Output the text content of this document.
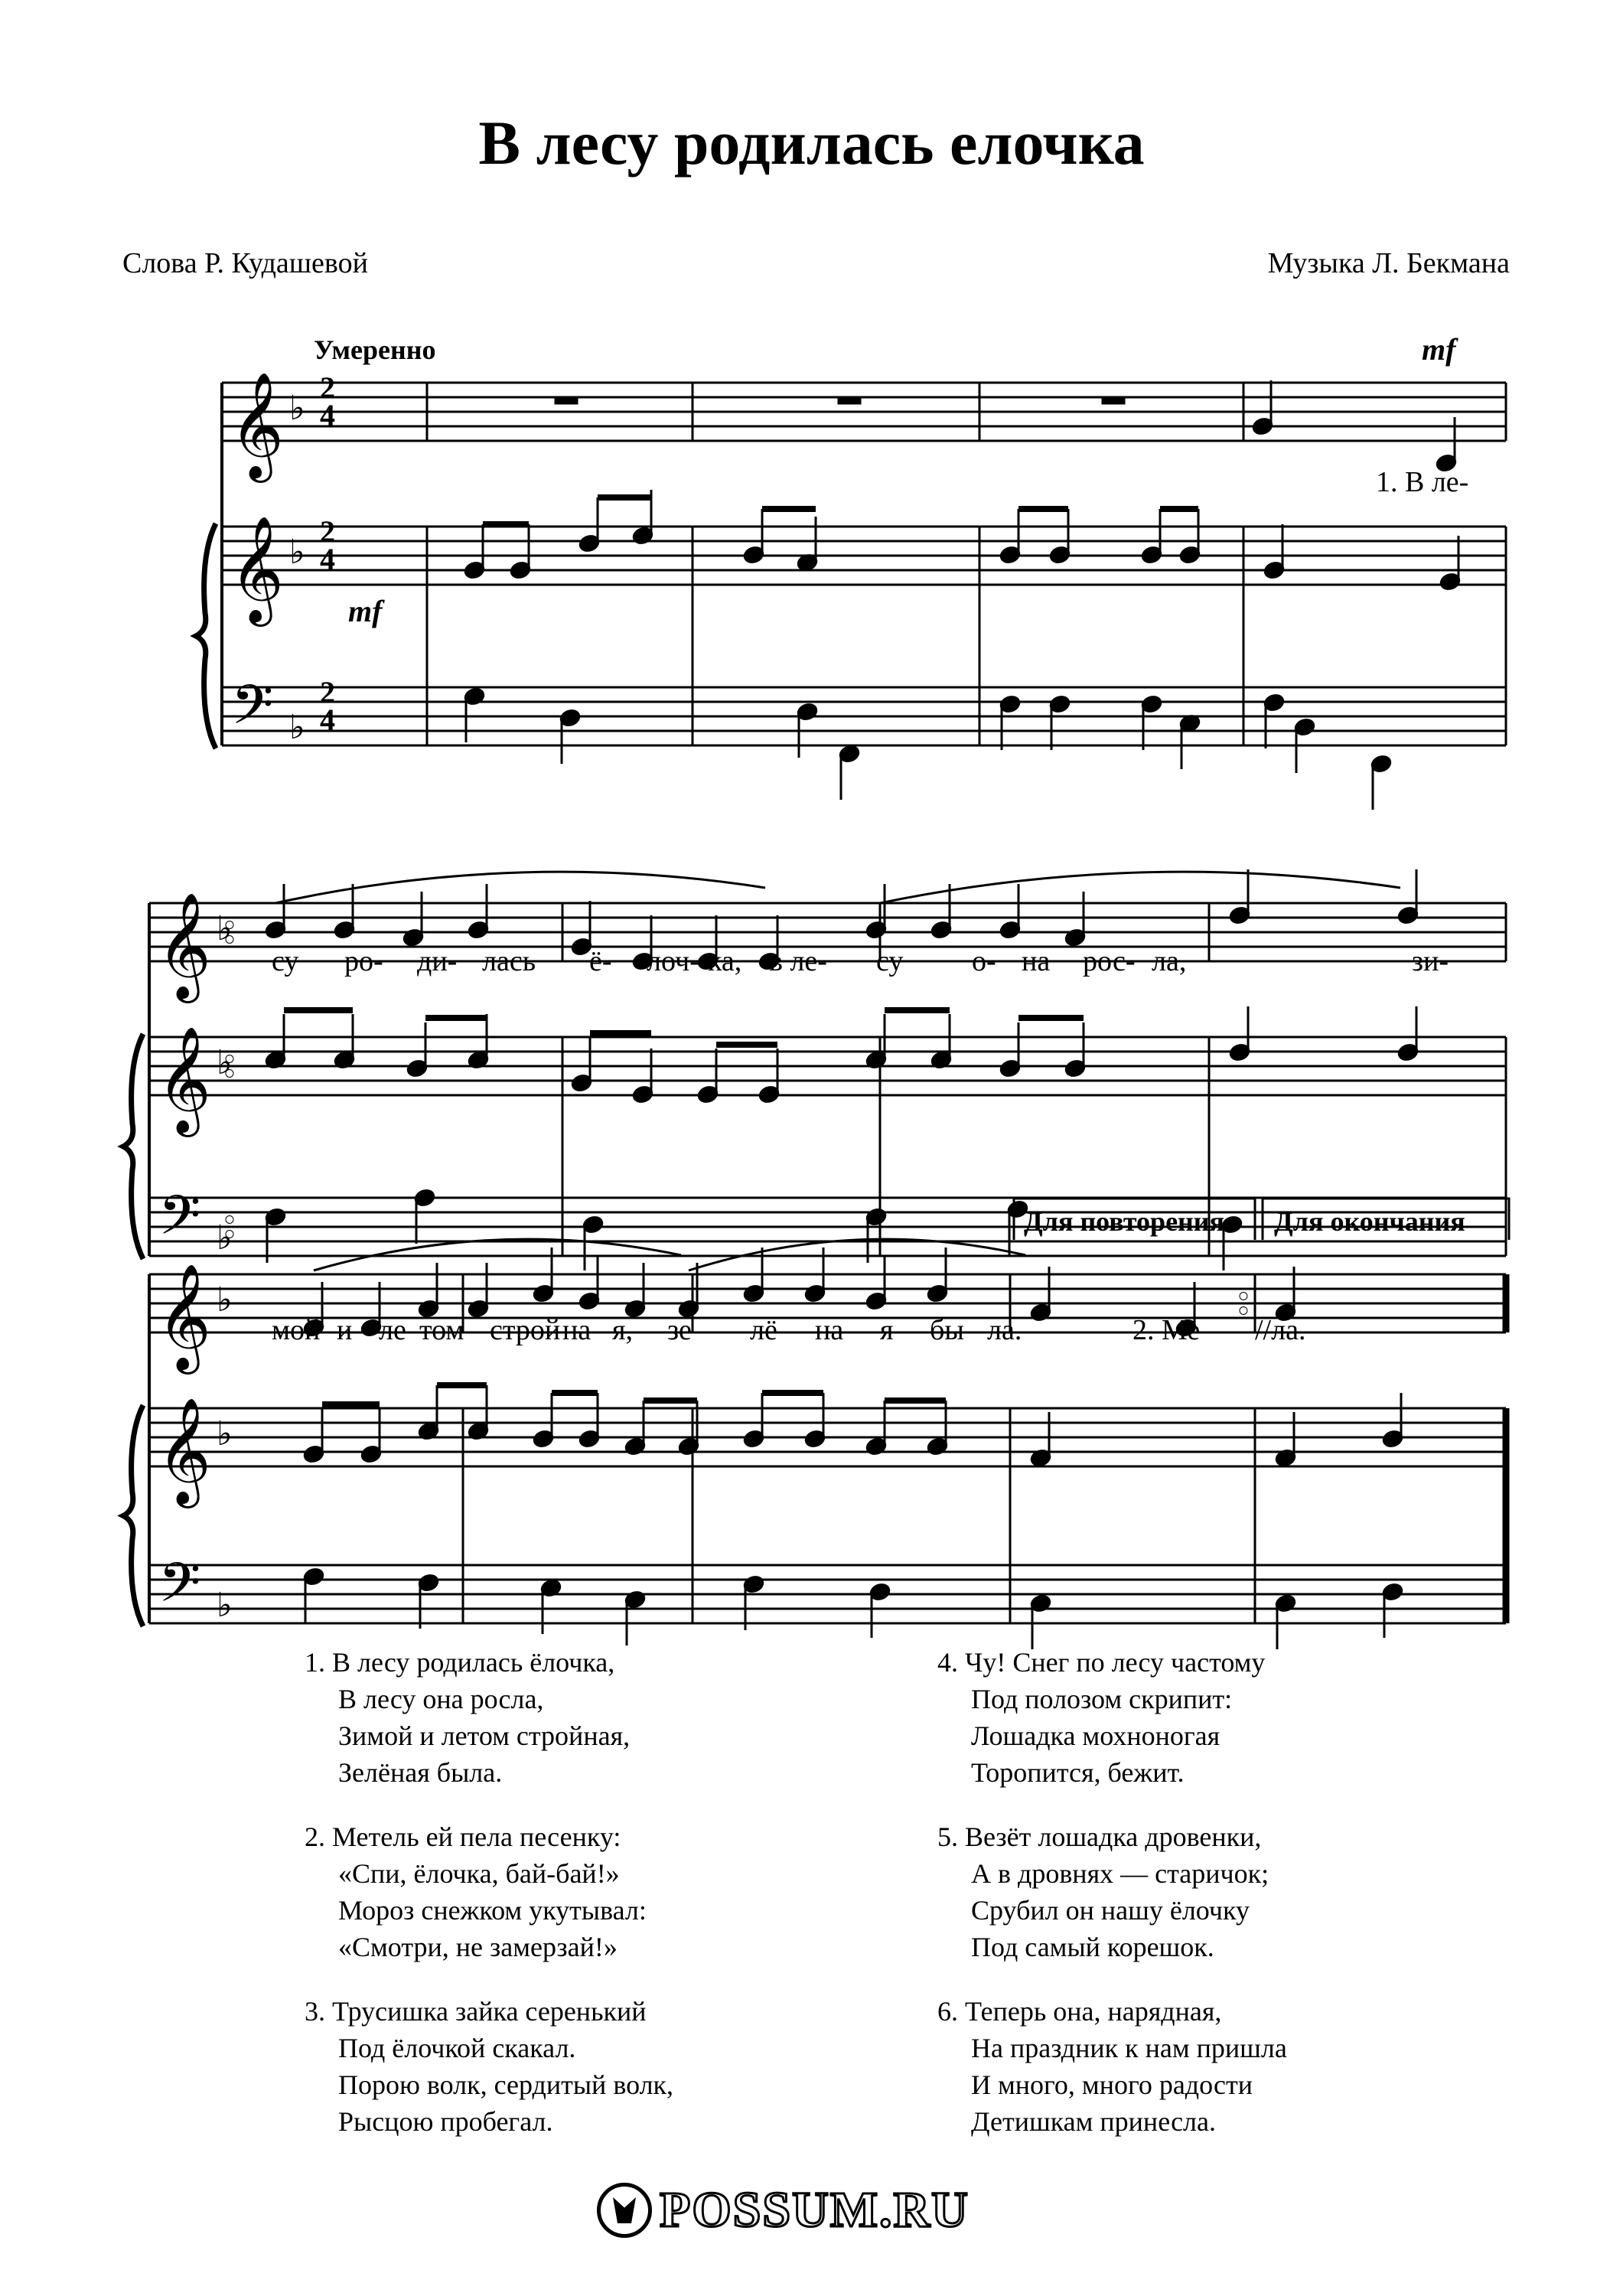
В лесу родилась елочка
Слова Р. Кудашевой	Музыка Л. Бекмана
Умеренно
𝄞 ♭
𝄞 ♭
𝄢 ♭
𝄞 ♭
𝄞 ♭
𝄢 ♭
𝄞 ♭
𝄞 ♭
𝄢 ♭
mf
mf
2
4
2
4
2
4
1. В ле-
су ро- ди- лась ё- лоч- ка, в ле- су о- на рос- ла,	зи-
Для повторения Для окончания
мой и ле- том строй-
на- я, зе- лё- на- я бы- ла.	2. Ме- //ла.
1. В лесу родилась ёлочка,
В лесу она росла,
Зимой и летом стройная,
Зелёная была.
2. Метель ей пела песенку:
«Спи, ёлочка, бай-бай!»
Мороз снежком укутывал:
«Смотри, не замерзай!»
3. Трусишка зайка серенький
Под ёлочкой скакал.
Порою волк, сердитый волк,
Рысцою пробегал.
4. Чу! Снег по лесу частому
Под полозом скрипит:
Лошадка мохноногая
Торопится, бежит.
5. Везёт лошадка дровенки,
А в дровнях — старичок;
Срубил он нашу ёлочку
Под самый корешок.
6. Теперь она, нарядная,
На праздник к нам пришла
И много, много радости
Детишкам принесла.
POSSUM.RU
